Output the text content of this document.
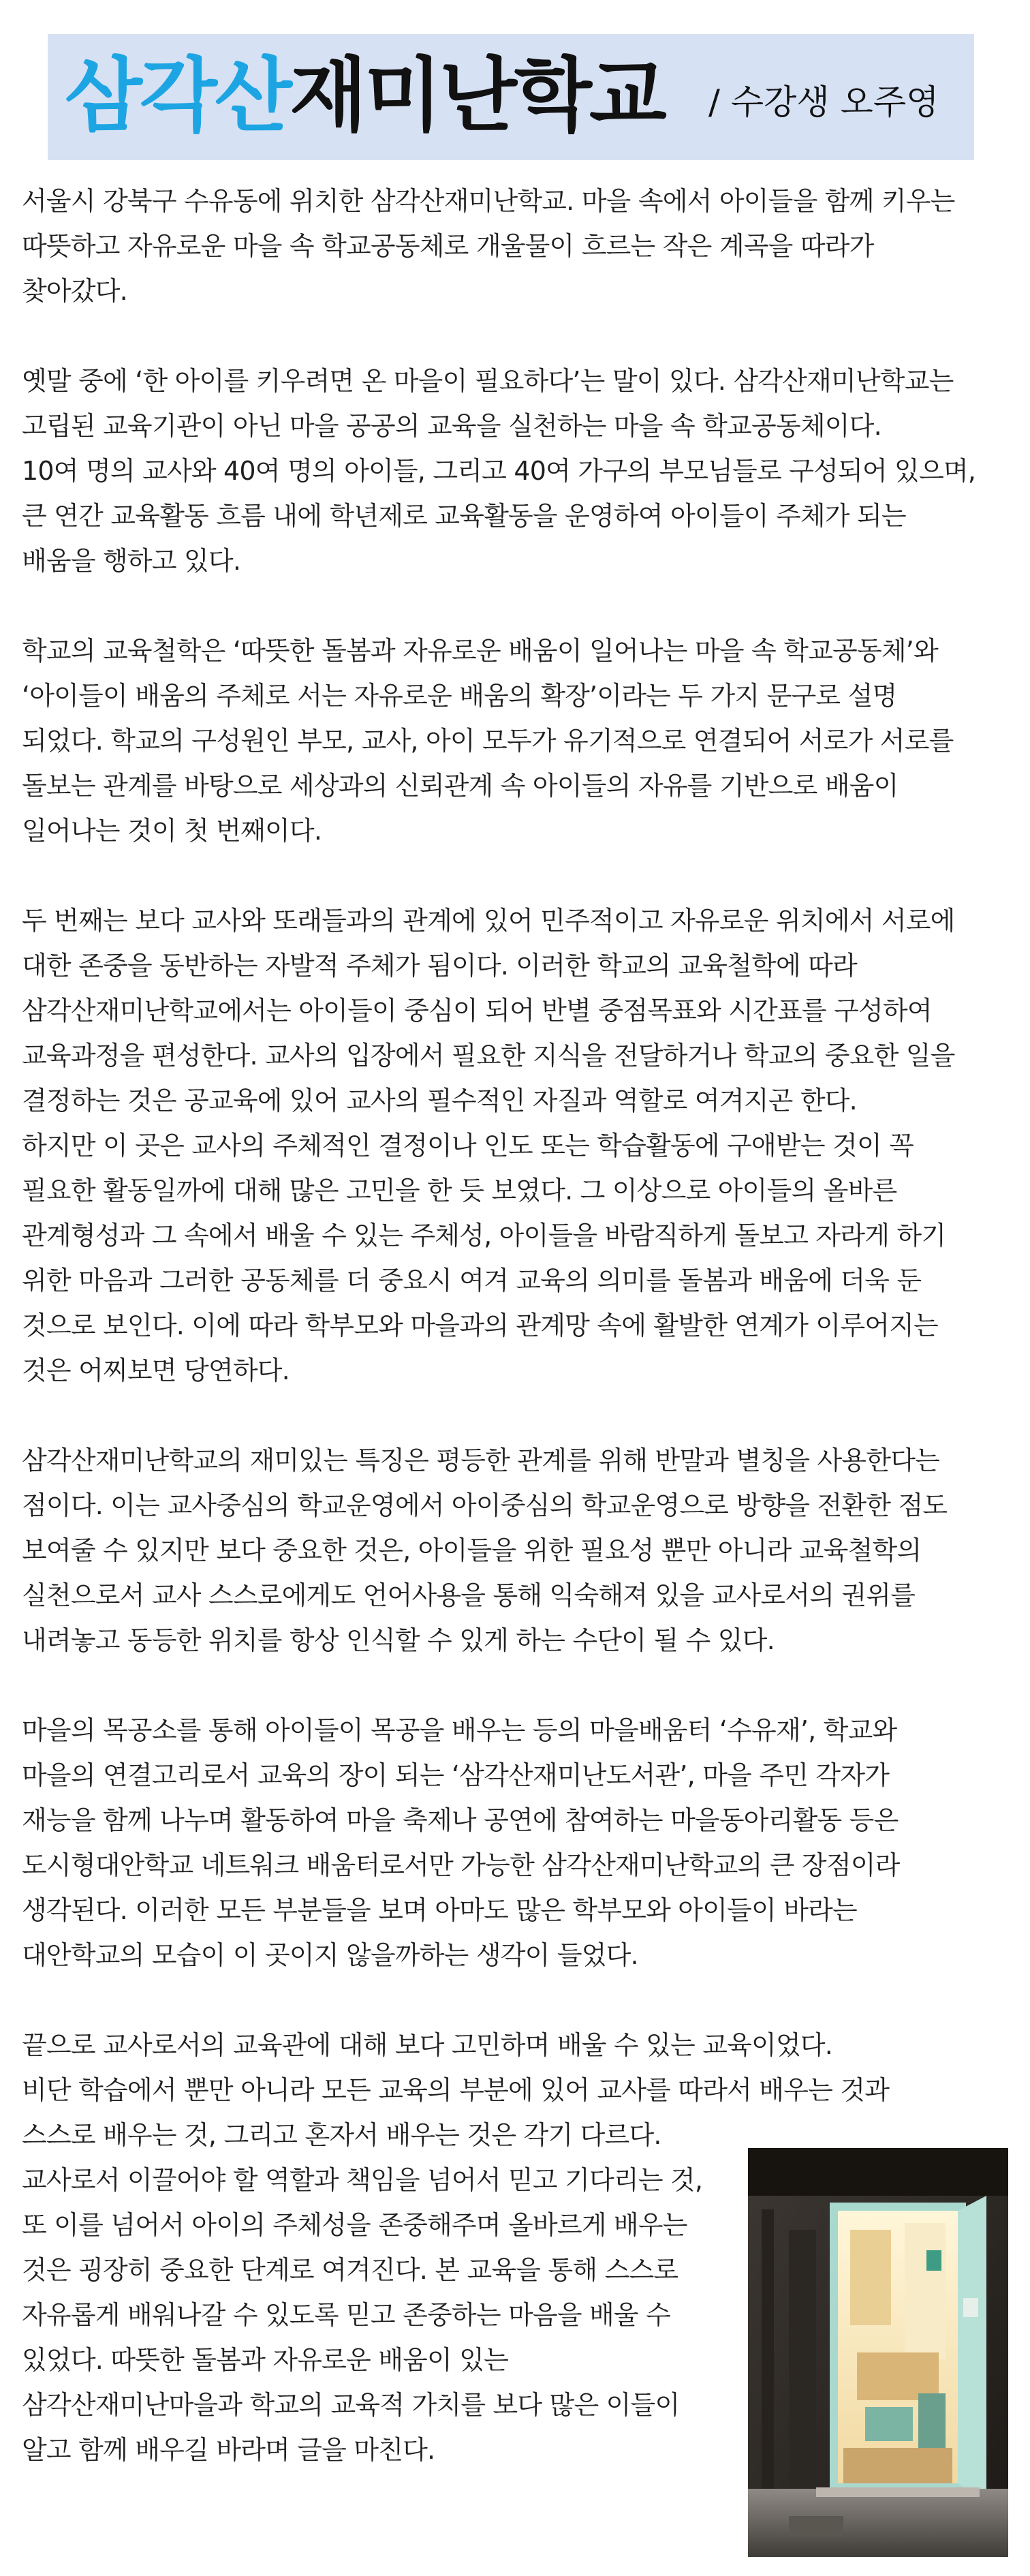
삼각산재미난학교 / 수강생 오주영
서울시 강북구 수유동에 위치한 삼각산재미난학교. 마을 속에서 아이들을 함께 키우는
따뜻하고 자유로운 마을 속 학교공동체로 개울물이 흐르는 작은 계곡을 따라가
찾아갔다.
옛말 중에 ‘한 아이를 키우려면 온 마을이 필요하다’는 말이 있다. 삼각산재미난학교는
고립된 교육기관이 아닌 마을 공공의 교육을 실천하는 마을 속 학교공동체이다.
10여 명의 교사와 40여 명의 아이들, 그리고 40여 가구의 부모님들로 구성되어 있으며,
큰 연간 교육활동 흐름 내에 학년제로 교육활동을 운영하여 아이들이 주체가 되는
배움을 행하고 있다.
학교의 교육철학은 ‘따뜻한 돌봄과 자유로운 배움이 일어나는 마을 속 학교공동체’와
‘아이들이 배움의 주체로 서는 자유로운 배움의 확장’이라는 두 가지 문구로 설명
되었다. 학교의 구성원인 부모, 교사, 아이 모두가 유기적으로 연결되어 서로가 서로를
돌보는 관계를 바탕으로 세상과의 신뢰관계 속 아이들의 자유를 기반으로 배움이
일어나는 것이 첫 번째이다.
두 번째는 보다 교사와 또래들과의 관계에 있어 민주적이고 자유로운 위치에서 서로에
대한 존중을 동반하는 자발적 주체가 됨이다. 이러한 학교의 교육철학에 따라
삼각산재미난학교에서는 아이들이 중심이 되어 반별 중점목표와 시간표를 구성하여
교육과정을 편성한다. 교사의 입장에서 필요한 지식을 전달하거나 학교의 중요한 일을
결정하는 것은 공교육에 있어 교사의 필수적인 자질과 역할로 여겨지곤 한다.
하지만 이 곳은 교사의 주체적인 결정이나 인도 또는 학습활동에 구애받는 것이 꼭
필요한 활동일까에 대해 많은 고민을 한 듯 보였다. 그 이상으로 아이들의 올바른
관계형성과 그 속에서 배울 수 있는 주체성, 아이들을 바람직하게 돌보고 자라게 하기
위한 마음과 그러한 공동체를 더 중요시 여겨 교육의 의미를 돌봄과 배움에 더욱 둔
것으로 보인다. 이에 따라 학부모와 마을과의 관계망 속에 활발한 연계가 이루어지는
것은 어찌보면 당연하다.
삼각산재미난학교의 재미있는 특징은 평등한 관계를 위해 반말과 별칭을 사용한다는
점이다. 이는 교사중심의 학교운영에서 아이중심의 학교운영으로 방향을 전환한 점도
보여줄 수 있지만 보다 중요한 것은, 아이들을 위한 필요성 뿐만 아니라 교육철학의
실천으로서 교사 스스로에게도 언어사용을 통해 익숙해져 있을 교사로서의 권위를
내려놓고 동등한 위치를 항상 인식할 수 있게 하는 수단이 될 수 있다.
마을의 목공소를 통해 아이들이 목공을 배우는 등의 마을배움터 ‘수유재’, 학교와
마을의 연결고리로서 교육의 장이 되는 ‘삼각산재미난도서관’, 마을 주민 각자가
재능을 함께 나누며 활동하여 마을 축제나 공연에 참여하는 마을동아리활동 등은
도시형대안학교 네트워크 배움터로서만 가능한 삼각산재미난학교의 큰 장점이라
생각된다. 이러한 모든 부분들을 보며 아마도 많은 학부모와 아이들이 바라는
대안학교의 모습이 이 곳이지 않을까하는 생각이 들었다.
끝으로 교사로서의 교육관에 대해 보다 고민하며 배울 수 있는 교육이었다.
비단 학습에서 뿐만 아니라 모든 교육의 부분에 있어 교사를 따라서 배우는 것과
스스로 배우는 것, 그리고 혼자서 배우는 것은 각기 다르다.
교사로서 이끌어야 할 역할과 책임을 넘어서 믿고 기다리는 것,
또 이를 넘어서 아이의 주체성을 존중해주며 올바르게 배우는
것은 굉장히 중요한 단계로 여겨진다. 본 교육을 통해 스스로
자유롭게 배워나갈 수 있도록 믿고 존중하는 마음을 배울 수
있었다. 따뜻한 돌봄과 자유로운 배움이 있는
삼각산재미난마을과 학교의 교육적 가치를 보다 많은 이들이
알고 함께 배우길 바라며 글을 마친다.
